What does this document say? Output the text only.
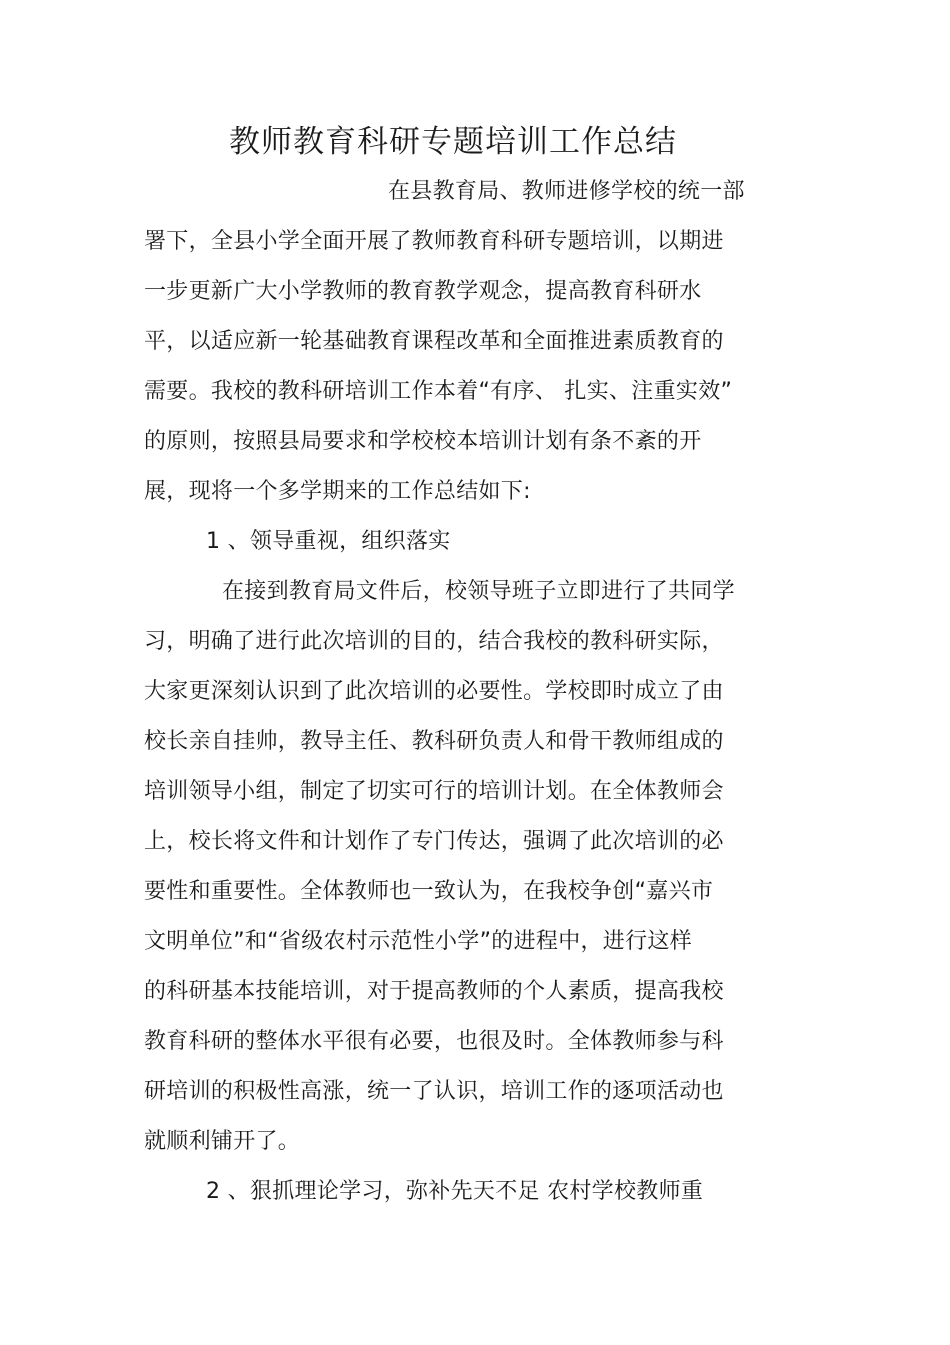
教师教育科研专题培训工作总结
在县教育局、教师进修学校的统一部
署下，全县小学全面开展了教师教育科研专题培训，以期进
一步更新广大小学教师的教育教学观念，提高教育科研水
平，以适应新一轮基础教育课程改革和全面推进素质教育的
需要。我校的教科研培训工作本着“有序、 扎实、注重实效”
的原则，按照县局要求和学校校本培训计划有条不紊的开
展，现将一个多学期来的工作总结如下:
1 、领导重视，组织落实
在接到教育局文件后，校领导班子立即进行了共同学
习，明确了进行此次培训的目的，结合我校的教科研实际，
大家更深刻认识到了此次培训的必要性。学校即时成立了由
校长亲自挂帅，教导主任、教科研负责人和骨干教师组成的
培训领导小组，制定了切实可行的培训计划。在全体教师会
上，校长将文件和计划作了专门传达，强调了此次培训的必
要性和重要性。全体教师也一致认为，在我校争创“嘉兴市
文明单位”和“省级农村示范性小学”的进程中，进行这样
的科研基本技能培训，对于提高教师的个人素质，提高我校
教育科研的整体水平很有必要，也很及时。全体教师参与科
研培训的积极性高涨，统一了认识，培训工作的逐项活动也
就顺利铺开了。
2 、狠抓理论学习，弥补先天不足 农村学校教师重
